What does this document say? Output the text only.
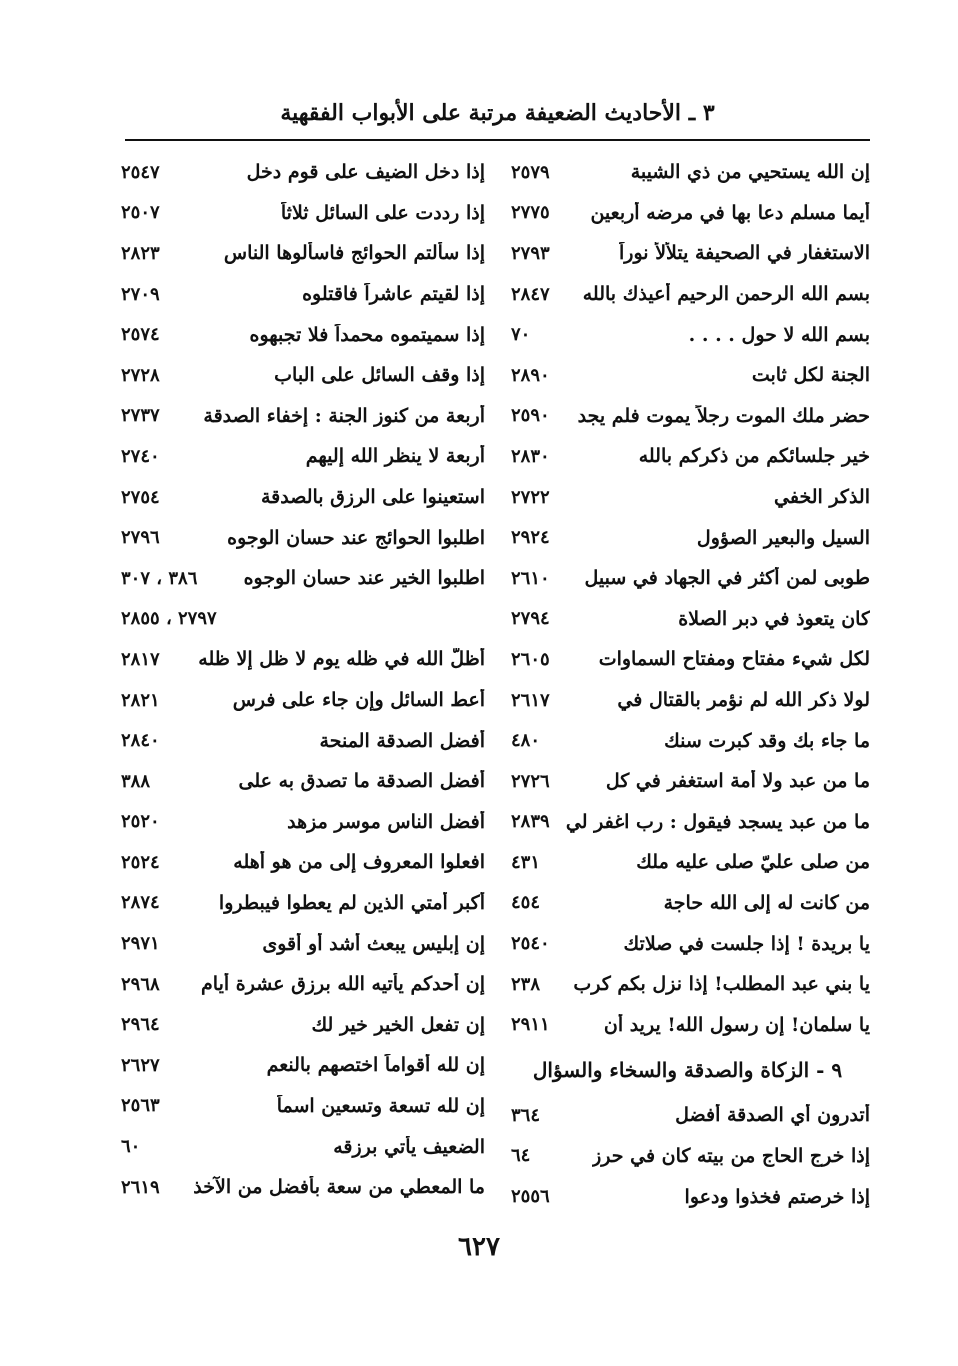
٣ ـ الأحاديث الضعيفة مرتبة على الأبواب الفقهية
إن الله يستحيي من ذي الشيبة
٢٥٧٩
أيما مسلم دعا بها في مرضه أربعين
٢٧٧٥
الاستغفار في الصحيفة يتلألأ نوراً
٢٧٩٣
بسم الله الرحمن الرحيم أعيذك بالله
٢٨٤٧
بسم الله لا حول . . . .
٧٠
الجنة لكل ثابت
٢٨٩٠
حضر ملك الموت رجلاً يموت فلم يجد
٢٥٩٠
خير جلسائكم من ذكركم بالله
٢٨٣٠
الذكر الخفي
٢٧٢٢
السيل والبعير الصؤول
٢٩٢٤
طوبى لمن أكثر في الجهاد في سبيل
٢٦١٠
كان يتعوذ في دبر الصلاة
٢٧٩٤
لكل شيء مفتاح ومفتاح السماوات
٢٦٠٥
لولا ذكر الله لم نؤمر بالقتال في
٢٦١٧
ما جاء بك وقد كبرت سنك
٤٨٠
ما من عبد ولا أمة استغفر في كل
٢٧٢٦
ما من عبد يسجد فيقول : رب اغفر لي
٢٨٣٩
من صلى عليّ صلى عليه ملك
٤٣١
من كانت له إلى الله حاجة
٤٥٤
يا بريدة ! إذا جلست في صلاتك
٢٥٤٠
يا بني عبد المطلب! إذا نزل بكم كرب
٢٣٨
يا سلمان! إن رسول الله! يريد أن
٢٩١١
٩ - الزكاة والصدقة والسخاء والسؤال
أتدرون أي الصدقة أفضل
٣٦٤
إذا خرج الحاج من بيته كان في حرز
٦٤
إذا خرصتم فخذوا ودعوا
٢٥٥٦
إذا دخل الضيف على قوم دخل
٢٥٤٧
إذا رددت على السائل ثلاثاً
٢٥٠٧
إذا سألتم الحوائج فاسألوها الناس
٢٨٢٣
إذا لقيتم عاشراً فاقتلوه
٢٧٠٩
إذا سميتموه محمداً فلا تجبهوه
٢٥٧٤
إذا وقف السائل على الباب
٢٧٢٨
أربعة من كنوز الجنة : إخفاء الصدقة
٢٧٣٧
أربعة لا ينظر الله إليهم
٢٧٤٠
استعينوا على الرزق بالصدقة
٢٧٥٤
اطلبوا الحوائج عند حسان الوجوه
٢٧٩٦
اطلبوا الخير عند حسان الوجوه
٣٨٦ ، ٣٠٧
٢٧٩٧ ، ٢٨٥٥
أظلّ الله في ظله يوم لا ظل إلا ظله
٢٨١٧
أعط السائل وإن جاء على فرس
٢٨٢١
أفضل الصدقة المنحة
٢٨٤٠
أفضل الصدقة ما تصدق به على
٣٨٨
أفضل الناس موسر مزهد
٢٥٢٠
افعلوا المعروف إلى من هو أهله
٢٥٢٤
أكبر أمتي الذين لم يعطوا فيبطروا
٢٨٧٤
إن إبليس يبعث أشد أو أقوى
٢٩٧١
إن أحدكم يأتيه الله برزق عشرة أيام
٢٩٦٨
إن تفعل الخير خير لك
٢٩٦٤
إن لله أقواماً اختصهم بالنعم
٢٦٢٧
إن لله تسعة وتسعين اسماً
٢٥٦٣
الضعيف يأتي برزقه
٦٠
ما المعطي من سعة بأفضل من الآخذ
٢٦١٩
٦٢٧
